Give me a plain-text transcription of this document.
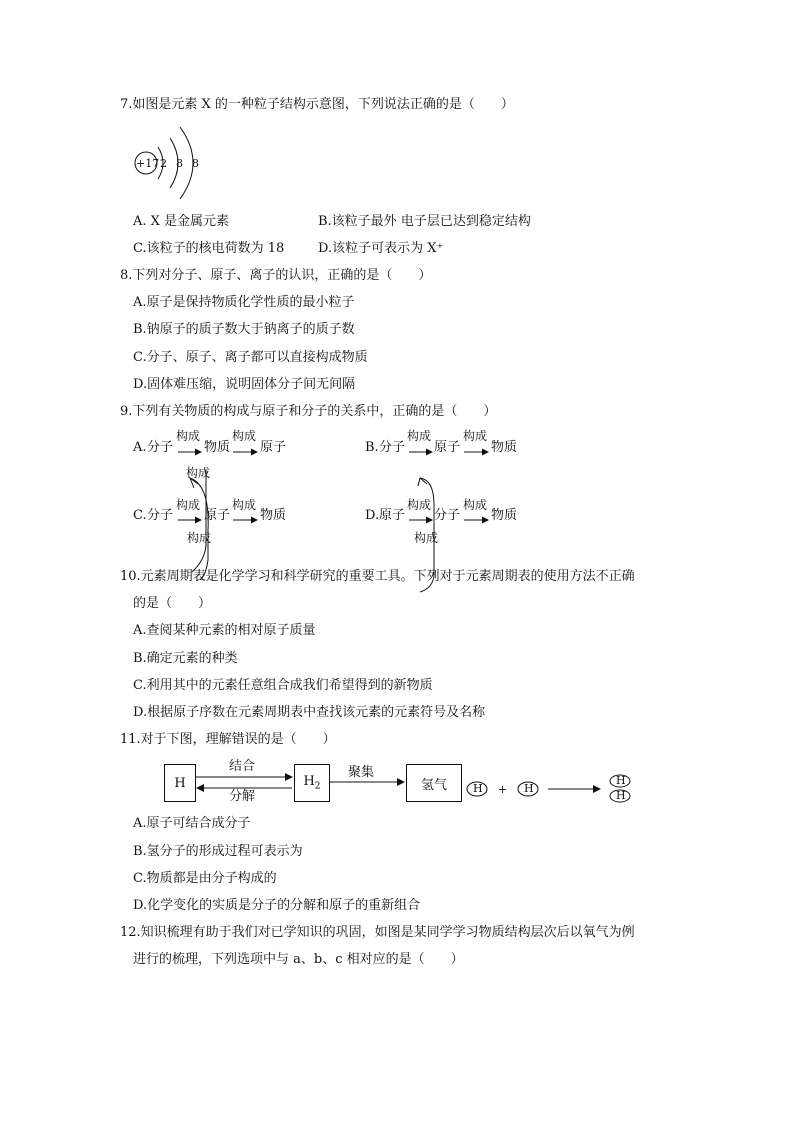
7.如图是元素 X 的一种粒子结构示意图，下列说法正确的是（　　）
+17 2 8 8
A. X 是金属元素	B.该粒子最外 电子层已达到稳定结构
C.该粒子的核电荷数为 18	D.该粒子可表示为 X⁺
8.下列对分子、原子、离子的认识，正确的是（　　）
A.原子是保持物质化学性质的最小粒子
B.钠原子的质子数大于钠离子的质子数
C.分子、原子、离子都可以直接构成物质
D.固体难压缩，说明固体分子间无间隔
9.下列有关物质的构成与原子和分子的关系中，正确的是（　　）
A. 分子
构成
物质
构成
原子
构成
B. 分子
构成
原子
构成
物质
C. 分子
构成
原子
构成
物质
构成
D. 原子
构成
分子
构成
物质
构成
10.元素周期表是化学学习和科学研究的重要工具。下列对于元素周期表的使用方法不正确
的是（　　）
A.查阅某种元素的相对原子质量
B.确定元素的种类
C.利用其中的元素任意组合成我们希望得到的新物质
D.根据原子序数在元素周期表中查找该元素的元素符号及名称
11.对于下图，理解错误的是（　　）
H	$H_2$	氢气
结合
分解
聚集
H + H
H
H
A.原子可结合成分子
B.氢分子的形成过程可表示为
C.物质都是由分子构成的
D.化学变化的实质是分子的分解和原子的重新组合
12.知识梳理有助于我们对已学知识的巩固，如图是某同学学习物质结构层次后以氧气为例
进行的梳理，下列选项中与 a、b、c 相对应的是（　　）
